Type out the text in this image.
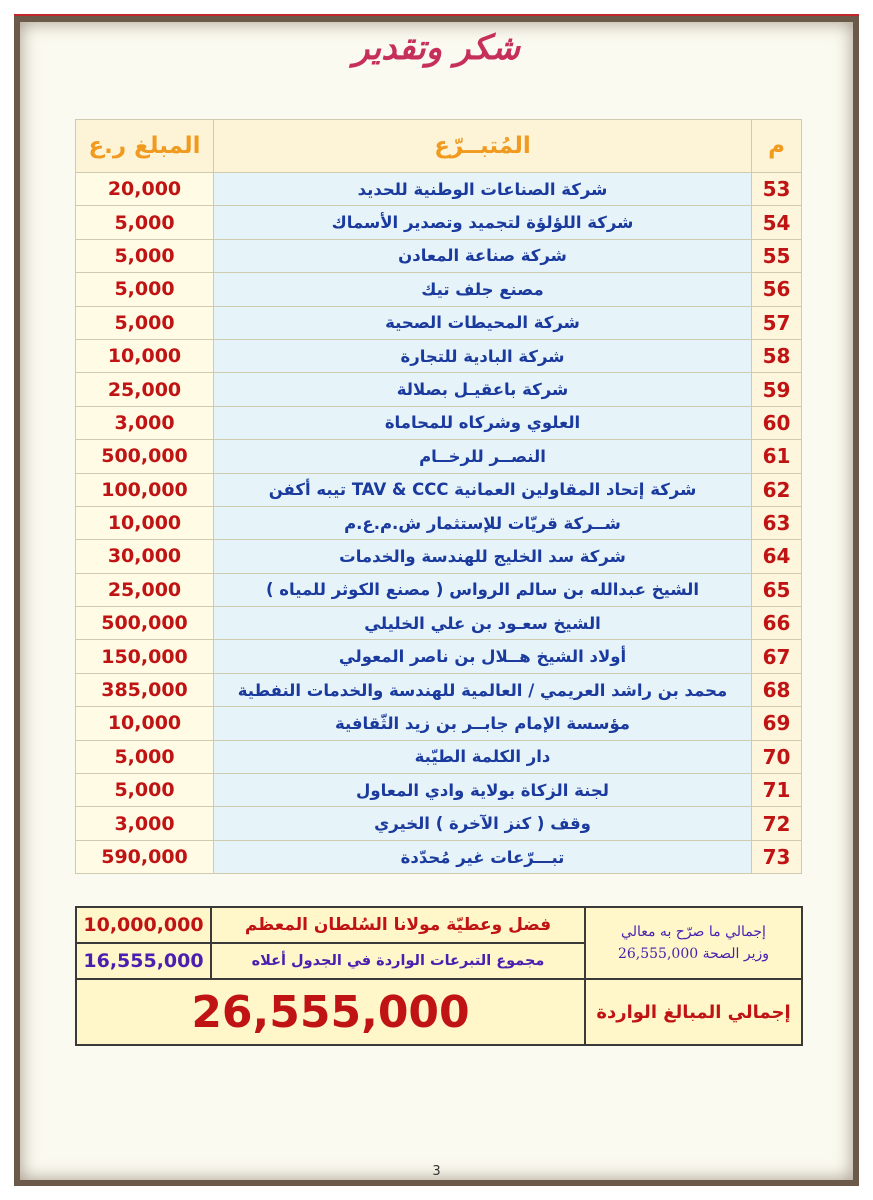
شكر وتقدير
المبلغ ر.ع	المُتبــرّع	م
20,000	شركة الصناعات الوطنية للحديد	53
5,000	شركة اللؤلؤة لتجميد وتصدير الأسماك	54
5,000	شركة صناعة المعادن	55
5,000	مصنع جلف تيك	56
5,000	شركة المحيطات الصحية	57
10,000	شركة البادية للتجارة	58
25,000	شركة باعقيـل بصلالة	59
3,000	العلوي وشركاه للمحاماة	60
500,000	النصــر للرخــام	61
100,000	شركة إتحاد المقاولين العمانية TAV & CCC تيبه أكفن	62
10,000	شــركة قريّات للإستثمار ش.م.ع.م	63
30,000	شركة سد الخليج للهندسة والخدمات	64
25,000	الشيخ عبدالله بن سالم الرواس ( مصنع الكوثر للمياه )	65
500,000	الشيخ سعـود بن علي الخليلي	66
150,000	أولاد الشيخ هــلال بن ناصر المعولي	67
385,000	محمد بن راشد العريمي / العالمية للهندسة والخدمات النفطية	68
10,000	مؤسسة الإمام جابــر بن زيد الثّقافية	69
5,000	دار الكلمة الطيّبة	70
5,000	لجنة الزكاة بولاية وادي المعاول	71
3,000	وقف ( كنز الآخرة ) الخيري	72
590,000	تبـــرّعات غير مُحدّدة	73
10,000,000	فضل وعطيّة مولانا السُلطان المعظم	إجمالي ما صرّح به معالي
وزير الصحة 26,555,000

16,555,000	مجموع التبرعات الواردة في الجدول أعلاه	
26,555,000		إجمالي المبالغ الواردة
3
